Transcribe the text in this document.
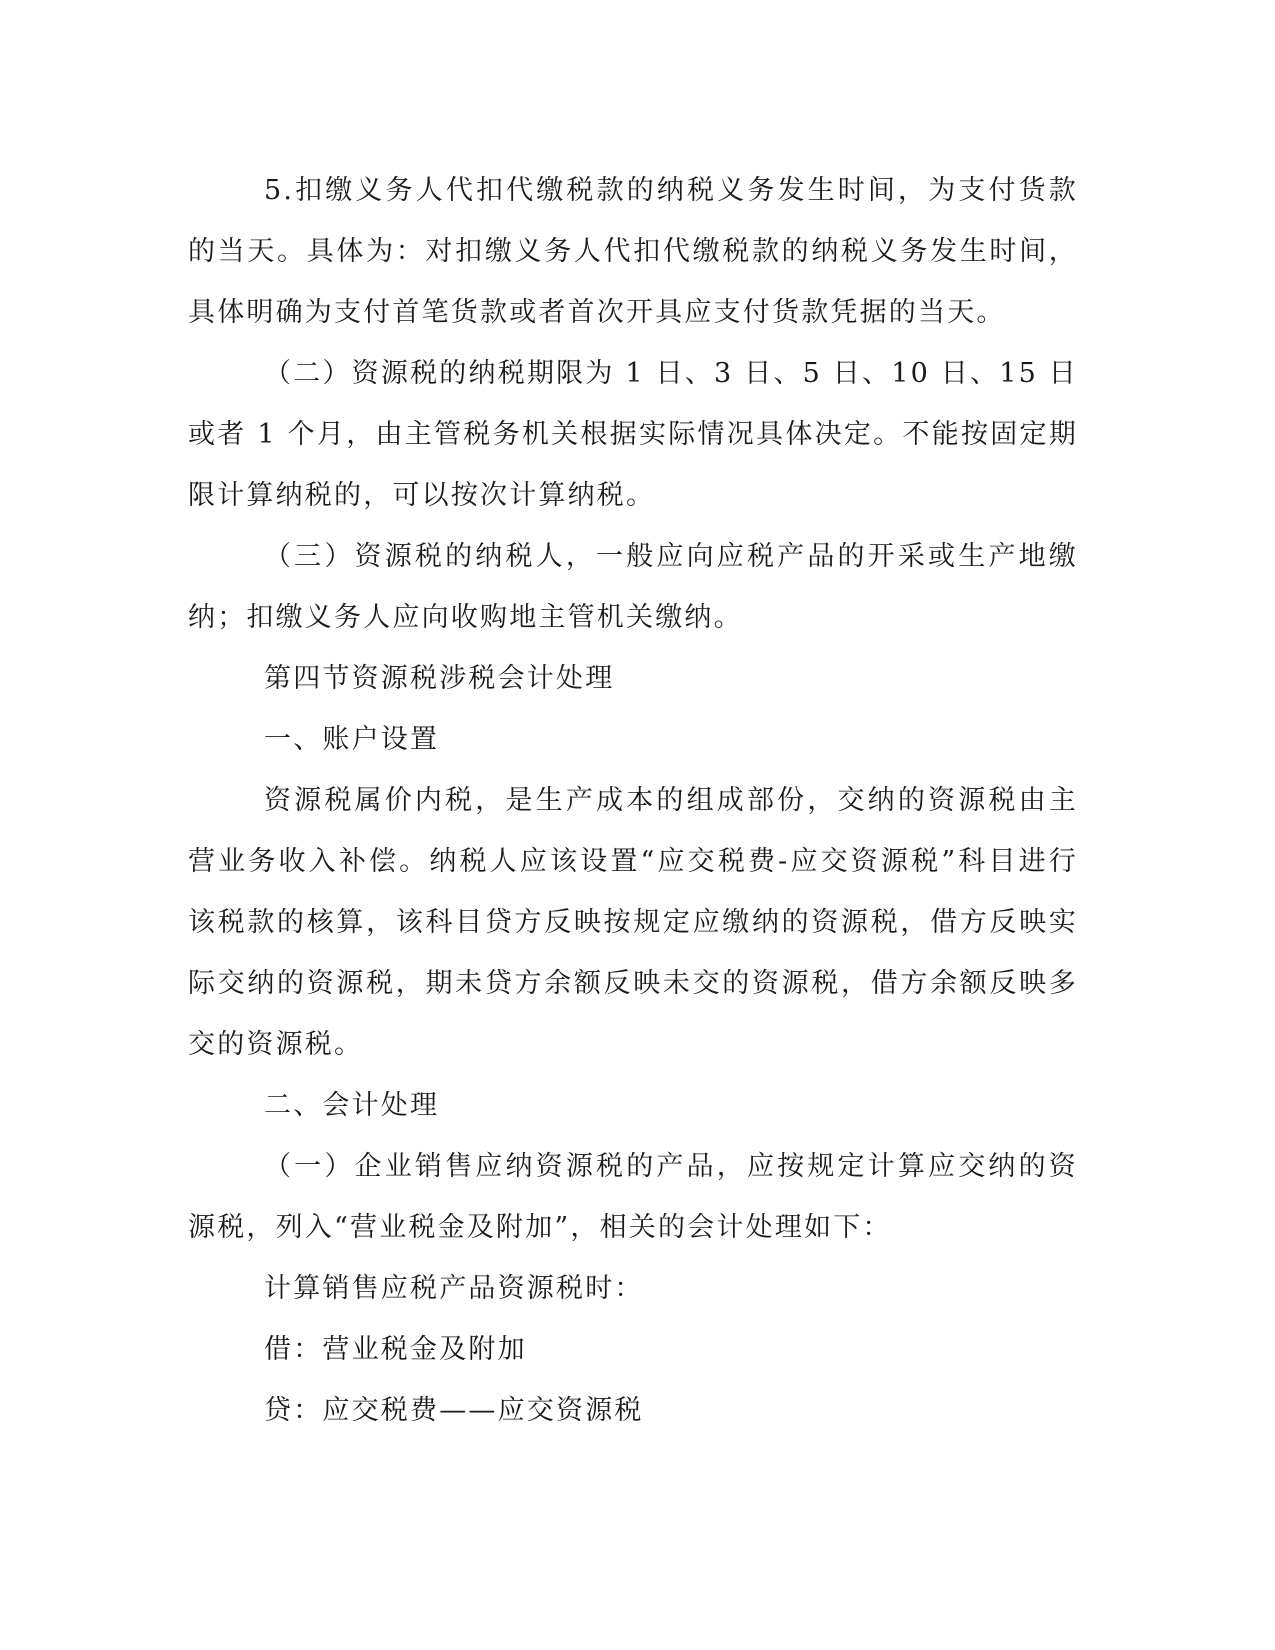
5.扣缴义务人代扣代缴税款的纳税义务发生时间，为支付货款的当天。具体为：对扣缴义务人代扣代缴税款的纳税义务发生时间，具体明确为支付首笔货款或者首次开具应支付货款凭据的当天。

（二）资源税的纳税期限为 1 日、3 日、5 日、10 日、15 日或者 1 个月，由主管税务机关根据实际情况具体决定。不能按固定期限计算纳税的，可以按次计算纳税。

（三）资源税的纳税人，一般应向应税产品的开采或生产地缴纳；扣缴义务人应向收购地主管机关缴纳。

第四节资源税涉税会计处理

一、账户设置

资源税属价内税，是生产成本的组成部份，交纳的资源税由主营业务收入补偿。纳税人应该设置“应交税费-应交资源税”科目进行该税款的核算，该科目贷方反映按规定应缴纳的资源税，借方反映实际交纳的资源税，期未贷方余额反映未交的资源税，借方余额反映多交的资源税。

二、会计处理

（一）企业销售应纳资源税的产品，应按规定计算应交纳的资源税，列入“营业税金及附加”，相关的会计处理如下：

计算销售应税产品资源税时：

借：营业税金及附加

贷：应交税费——应交资源税
